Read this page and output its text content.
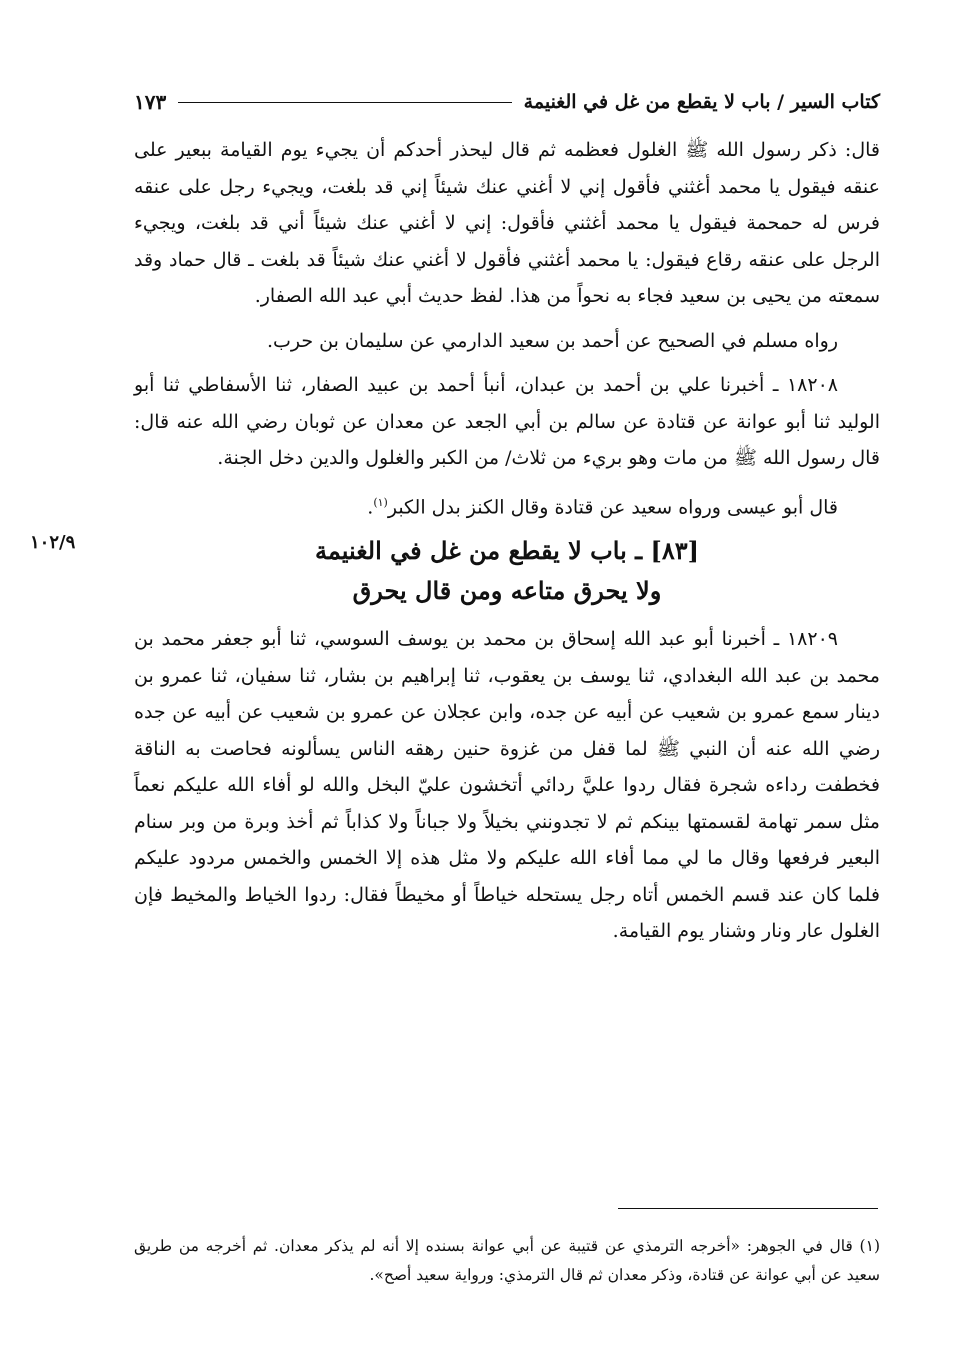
كتاب السير / باب لا يقطع من غل في الغنيمة
١٧٣
١٠٢/٩

قال: ذكر رسول الله ﷺ الغلول فعظمه ثم قال ليحذر أحدكم أن يجيء يوم القيامة ببعير على عنقه فيقول يا محمد أغثني فأقول إني لا أغني عنك شيئاً إني قد بلغت، ويجيء رجل على عنقه فرس له حمحمة فيقول يا محمد أغثني فأقول: إني لا أغني عنك شيئاً أني قد بلغت، ويجيء الرجل على عنقه رقاع فيقول: يا محمد أغثني فأقول لا أغني عنك شيئاً قد بلغت ـ قال حماد وقد سمعته من يحيى بن سعيد فجاء به نحواً من هذا. لفظ حديث أبي عبد الله الصفار.

رواه مسلم في الصحيح عن أحمد بن سعيد الدارمي عن سليمان بن حرب.

١٨٢٠٨ ـ أخبرنا علي بن أحمد بن عبدان، أنبأ أحمد بن عبيد الصفار، ثنا الأسفاطي ثنا أبو الوليد ثنا أبو عوانة عن قتادة عن سالم بن أبي الجعد عن معدان عن ثوبان رضي الله عنه قال: قال رسول الله ﷺ من مات وهو بريء من ثلاث/ من الكبر والغلول والدين دخل الجنة.

قال أبو عيسى ورواه سعيد عن قتادة وقال الكنز بدل الكبر$^{(١)}$.

[٨٣] ـ باب لا يقطع من غل في الغنيمة
ولا يحرق متاعه ومن قال يحرق

١٨٢٠٩ ـ أخبرنا أبو عبد الله إسحاق بن محمد بن يوسف السوسي، ثنا أبو جعفر محمد بن محمد بن عبد الله البغدادي، ثنا يوسف بن يعقوب، ثنا إبراهيم بن بشار، ثنا سفيان، ثنا عمرو بن دينار سمع عمرو بن شعيب عن أبيه عن جده، وابن عجلان عن عمرو بن شعيب عن أبيه عن جده رضي الله عنه أن النبي ﷺ لما قفل من غزوة حنين رهقه الناس يسألونه فحاصت به الناقة فخطفت رداءه شجرة فقال ردوا عليَّ ردائي أتخشون عليّ البخل والله لو أفاء الله عليكم نعماً مثل سمر تهامة لقسمتها بينكم ثم لا تجدونني بخيلاً ولا جباناً ولا كذاباً ثم أخذ وبرة من وبر سنام البعير فرفعها وقال ما لي مما أفاء الله عليكم ولا مثل هذه إلا الخمس والخمس مردود عليكم فلما كان عند قسم الخمس أتاه رجل يستحله خياطاً أو مخيطاً فقال: ردوا الخياط والمخيط فإن الغلول عار ونار وشنار يوم القيامة.

(١) قال في الجوهر: «أخرجه الترمذي عن قتيبة عن أبي عوانة بسنده إلا أنه لم يذكر معدان. ثم أخرجه من طريق سعيد عن أبي عوانة عن قتادة، وذكر معدان ثم قال الترمذي: ورواية سعيد أصح».
